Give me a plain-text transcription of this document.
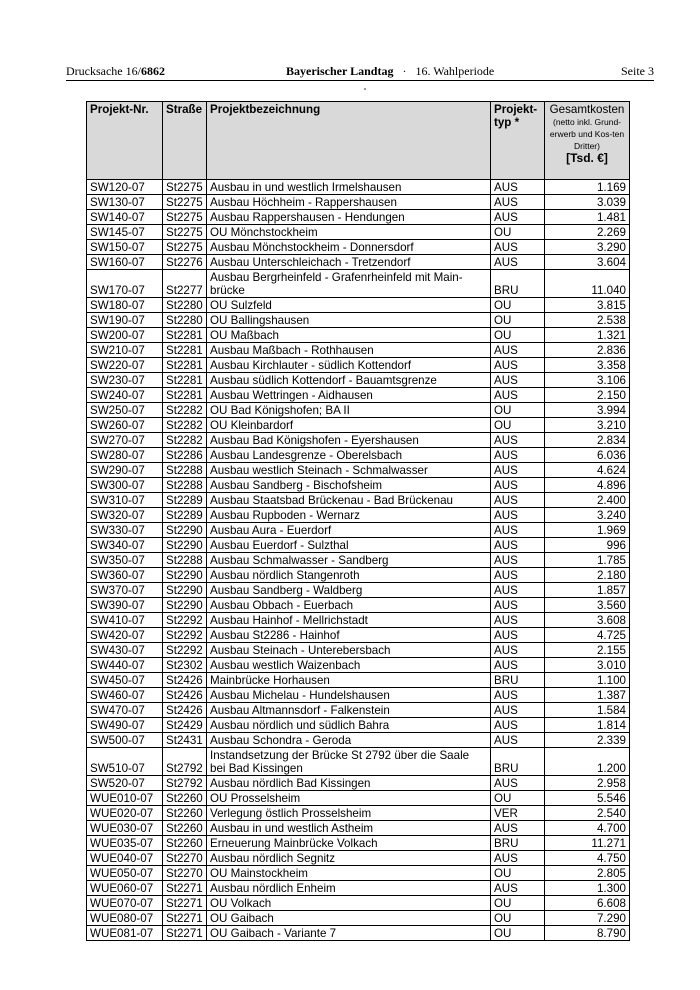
Drucksache 16/6862	Bayerischer Landtag · 16. Wahlperiode	Seite 3
Projekt-Nr.	Straße	Projektbezeichnung	Projekt-typ *	Gesamtkosten
(netto inkl. Grund-erwerb und Kos-ten Dritter)
[Tsd. €]

SW120-07	St2275	Ausbau in und westlich Irmelshausen	AUS	1.169
SW130-07	St2275	Ausbau Höchheim - Rappershausen	AUS	3.039
SW140-07	St2275	Ausbau Rappershausen - Hendungen	AUS	1.481
SW145-07	St2275	OU Mönchstockheim	OU	2.269
SW150-07	St2275	Ausbau Mönchstockheim - Donnersdorf	AUS	3.290
SW160-07	St2276	Ausbau Unterschleichach - Tretzendorf	AUS	3.604
SW170-07	St2277	Ausbau Bergrheinfeld - Grafenrheinfeld mit Main-brücke	BRU	11.040
SW180-07	St2280	OU Sulzfeld	OU	3.815
SW190-07	St2280	OU Ballingshausen	OU	2.538
SW200-07	St2281	OU Maßbach	OU	1.321
SW210-07	St2281	Ausbau Maßbach - Rothhausen	AUS	2.836
SW220-07	St2281	Ausbau Kirchlauter - südlich Kottendorf	AUS	3.358
SW230-07	St2281	Ausbau südlich Kottendorf - Bauamtsgrenze	AUS	3.106
SW240-07	St2281	Ausbau Wettringen - Aidhausen	AUS	2.150
SW250-07	St2282	OU Bad Königshofen; BA II	OU	3.994
SW260-07	St2282	OU Kleinbardorf	OU	3.210
SW270-07	St2282	Ausbau Bad Königshofen - Eyershausen	AUS	2.834
SW280-07	St2286	Ausbau Landesgrenze - Oberelsbach	AUS	6.036
SW290-07	St2288	Ausbau westlich Steinach - Schmalwasser	AUS	4.624
SW300-07	St2288	Ausbau Sandberg - Bischofsheim	AUS	4.896
SW310-07	St2289	Ausbau Staatsbad Brückenau - Bad Brückenau	AUS	2.400
SW320-07	St2289	Ausbau Rupboden - Wernarz	AUS	3.240
SW330-07	St2290	Ausbau Aura - Euerdorf	AUS	1.969
SW340-07	St2290	Ausbau Euerdorf - Sulzthal	AUS	996
SW350-07	St2288	Ausbau Schmalwasser - Sandberg	AUS	1.785
SW360-07	St2290	Ausbau nördlich Stangenroth	AUS	2.180
SW370-07	St2290	Ausbau Sandberg - Waldberg	AUS	1.857
SW390-07	St2290	Ausbau Obbach - Euerbach	AUS	3.560
SW410-07	St2292	Ausbau Hainhof - Mellrichstadt	AUS	3.608
SW420-07	St2292	Ausbau St2286 - Hainhof	AUS	4.725
SW430-07	St2292	Ausbau Steinach - Unterebersbach	AUS	2.155
SW440-07	St2302	Ausbau westlich Waizenbach	AUS	3.010
SW450-07	St2426	Mainbrücke Horhausen	BRU	1.100
SW460-07	St2426	Ausbau Michelau - Hundelshausen	AUS	1.387
SW470-07	St2426	Ausbau Altmannsdorf - Falkenstein	AUS	1.584
SW490-07	St2429	Ausbau nördlich und südlich Bahra	AUS	1.814
SW500-07	St2431	Ausbau Schondra - Geroda	AUS	2.339
SW510-07	St2792	Instandsetzung der Brücke St 2792 über die Saale bei Bad Kissingen	BRU	1.200
SW520-07	St2792	Ausbau nördlich Bad Kissingen	AUS	2.958
WUE010-07	St2260	OU Prosselsheim	OU	5.546
WUE020-07	St2260	Verlegung östlich Prosselsheim	VER	2.540
WUE030-07	St2260	Ausbau in und westlich Astheim	AUS	4.700
WUE035-07	St2260	Erneuerung Mainbrücke Volkach	BRU	11.271
WUE040-07	St2270	Ausbau nördlich Segnitz	AUS	4.750
WUE050-07	St2270	OU Mainstockheim	OU	2.805
WUE060-07	St2271	Ausbau nördlich Enheim	AUS	1.300
WUE070-07	St2271	OU Volkach	OU	6.608
WUE080-07	St2271	OU Gaibach	OU	7.290
WUE081-07	St2271	OU Gaibach - Variante 7	OU	8.790
